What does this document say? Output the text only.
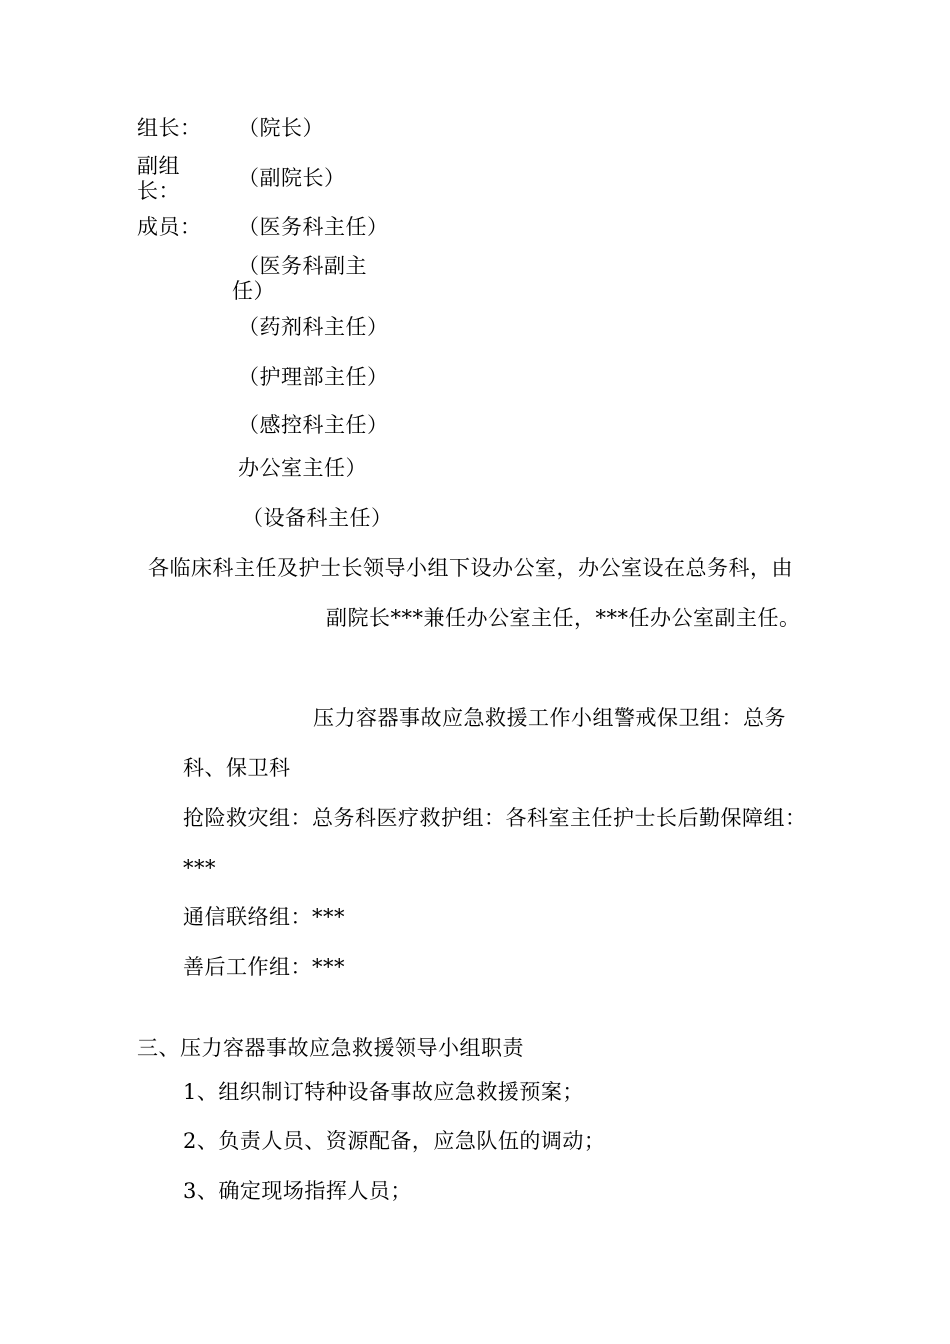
组长： （院长）
副组
长：
（副院长）
成员： （医务科主任）
（医务科副主
任）
（药剂科主任）
（护理部主任）
（感控科主任）
办公室主任）
（设备科主任）
各临床科主任及护士长领导小组下设办公室，办公室设在总务科，由
副院长***兼任办公室主任，***任办公室副主任。
压力容器事故应急救援工作小组警戒保卫组：总务
科、保卫科
抢险救灾组：总务科医疗救护组：各科室主任护士长后勤保障组：
***
通信联络组：***
善后工作组：***
三、压力容器事故应急救援领导小组职责
1、组织制订特种设备事故应急救援预案；
2、负责人员、资源配备，应急队伍的调动；
3、确定现场指挥人员；
